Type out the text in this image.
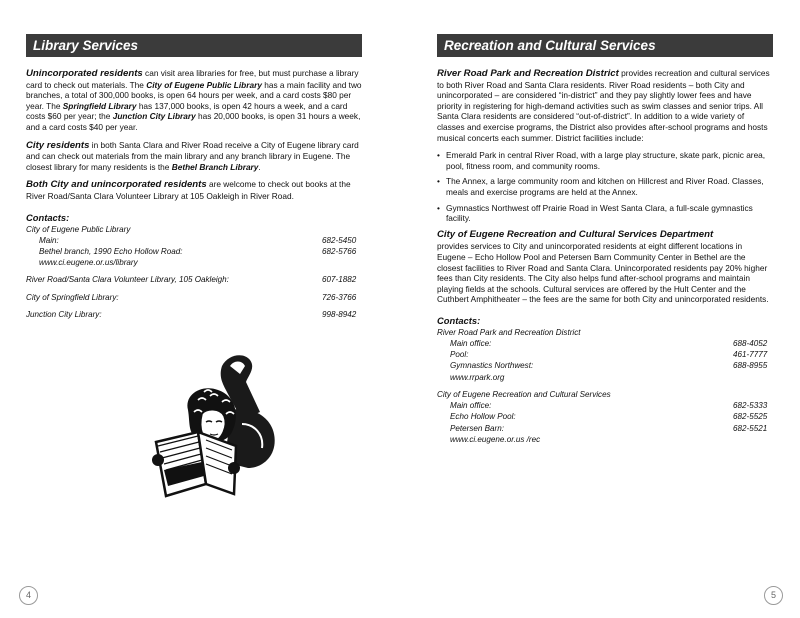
Library Services

Unincorporated residents can visit area libraries for free, but must purchase a library card to check out materials. The City of Eugene Public Library has a main facility and two branches, a total of 300,000 books, is open 64 hours per week, and a card costs $80 per year. The Springfield Library has 137,000 books, is open 42 hours a week, and a card costs $60 per year; the Junction City Library has 20,000 books, is open 31 hours a week, and a card costs $40 per year.

City residents in both Santa Clara and River Road receive a City of Eugene library card and can check out materials from the main library and any branch library in Eugene. The closest library for many residents is the Bethel Branch Library.

Both City and unincorporated residents are welcome to check out books at the River Road/Santa Clara Volunteer Library at 105 Oakleigh in River Road.

Contacts:
City of Eugene Public Library
Main:	682-5450
Bethel branch, 1990 Echo Hollow Road:	682-5766
www.ci.eugene.or.us/library
River Road/Santa Clara Volunteer Library, 105 Oakleigh:	607-1882
City of Springfield Library:	726-3766
Junction City Library:	998-8942
4
Recreation and Cultural Services

River Road Park and Recreation District provides recreation and cultural services to both River Road and Santa Clara residents. River Road residents – both City and unincorporated – are considered “in-district” and they pay slightly lower fees and have priority in registering for high-demand activities such as swim classes and senior trips. All Santa Clara residents are considered “out-of-district”. In addition to a wide variety of classes and exercise programs, the District also provides after-school programs and hosts musical concerts each summer. District facilities include:

• Emerald Park in central River Road, with a large play structure, skate park, picnic area, pool, fitness room, and community rooms.
• The Annex, a large community room and kitchen on Hillcrest and River Road. Classes, meals and exercise programs are held at the Annex.
• Gymnastics Northwest off Prairie Road in West Santa Clara, a full-scale gymnastics facility.
City of Eugene Recreation and Cultural Services Department

provides services to City and unincorporated residents at eight different locations in Eugene – Echo Hollow Pool and Petersen Barn Community Center in Bethel are the closest facilities to River Road and Santa Clara. Unincorporated residents pay 20% higher fees than City residents. The City also helps fund after-school programs and maintain playing fields at the schools. Cultural services are offered by the Hult Center and the Cuthbert Amphitheater – the fees are the same for both City and unincorporated residents.

Contacts:
River Road Park and Recreation District
Main office:	688-4052
Pool:	461-7777
Gymnastics Northwest:	688-8955
www.rrpark.org
City of Eugene Recreation and Cultural Services
Main office:	682-5333
Echo Hollow Pool:	682-5525
Petersen Barn:	682-5521
www.ci.eugene.or.us /rec
5
